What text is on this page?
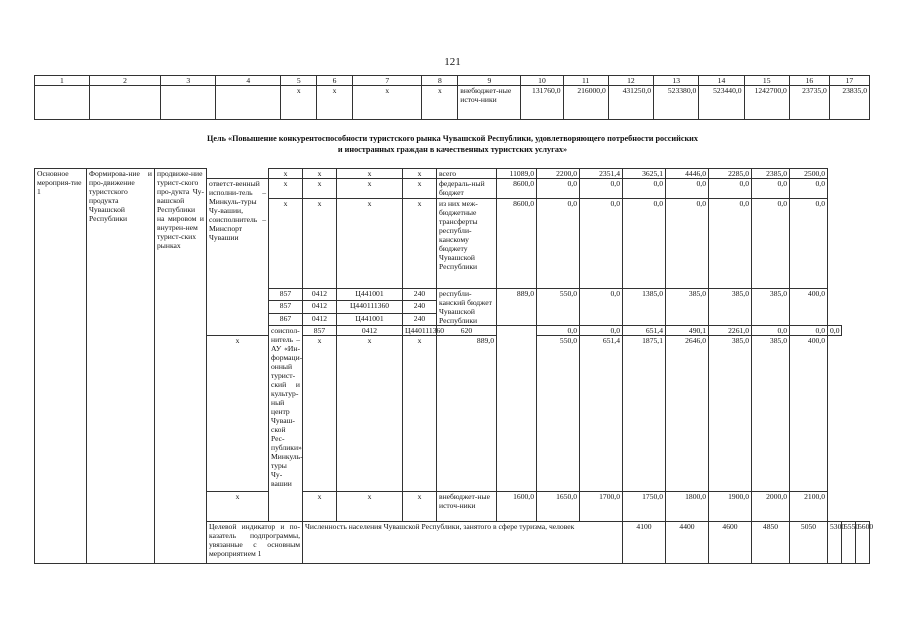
121
1	2	3	4	5	6	7	8	9	10	11	12	13	14	15	16	17
				x	x	x	x	внебюджет-ные источ-ники	131760,0	216000,0	431250,0	523380,0	523440,0	1242700,0	23735,0	23835,0
Цель «Повышение конкурентоспособности туристского рынка Чувашской Республики, удовлетворяющего потребности российских
и иностранных граждан в качественных туристских услугах»
Основное мероприя-тие 1	Формирова-ние и про-движение туристского продукта Чувашской Республики	продвиже-ние турист-ского про-дукта Чу-вашской Республики на мировом и внутрен-нем турист-ских рынках		x	x	x	x	всего	11089,0	2200,0	2351,4	3625,1	4446,0	2285,0	2385,0	2500,0			
			ответст-венный исполни-тель – Минкуль-туры Чу-вашии, соисполнитель – Минспорт Чувашии	x	x	x	x	федераль-ный бюджет	8600,0	0,0	0,0	0,0	0,0	0,0	0,0	0,0			
				x	x	x	x	из них меж-бюджетные трансферты республи-канскому бюджету Чувашской Республики	8600,0	0,0	0,0	0,0	0,0	0,0	0,0	0,0			
				857	0412	Ц441001	240	республи-канский бюджет Чувашской Республики	889,0	550,0	0,0	1385,0	385,0	385,0	385,0	400,0			
				857	0412	Ц440111360	240												
				867	0412	Ц441001	240												
				соиспол-нитель – АУ «Ин-формаци-онный турист-ский и культур-ный центр Чуваш-ской Рес-публики» Минкуль-туры Чу-вашии	857	0412	Ц440111360	620		0,0	0,0	651,4	490,1	2261,0	0,0	0,0	0,0		
			x		x	x	x	889,0		550,0	651,4	1875,1	2646,0	385,0	385,0	400,0			
			x		x	x	x	внебюджет-ные источ-ники	1600,0	1650,0	1700,0	1750,0	1800,0	1900,0	2000,0	2100,0			
			Целевой индикатор и по-казатель подпрограммы, увязанные с основным мероприятием 1		Численность населения Чувашской Республики, занятого в сфере туризма, человек							4100	4400	4600	4850	5050	5300	5550	5600
